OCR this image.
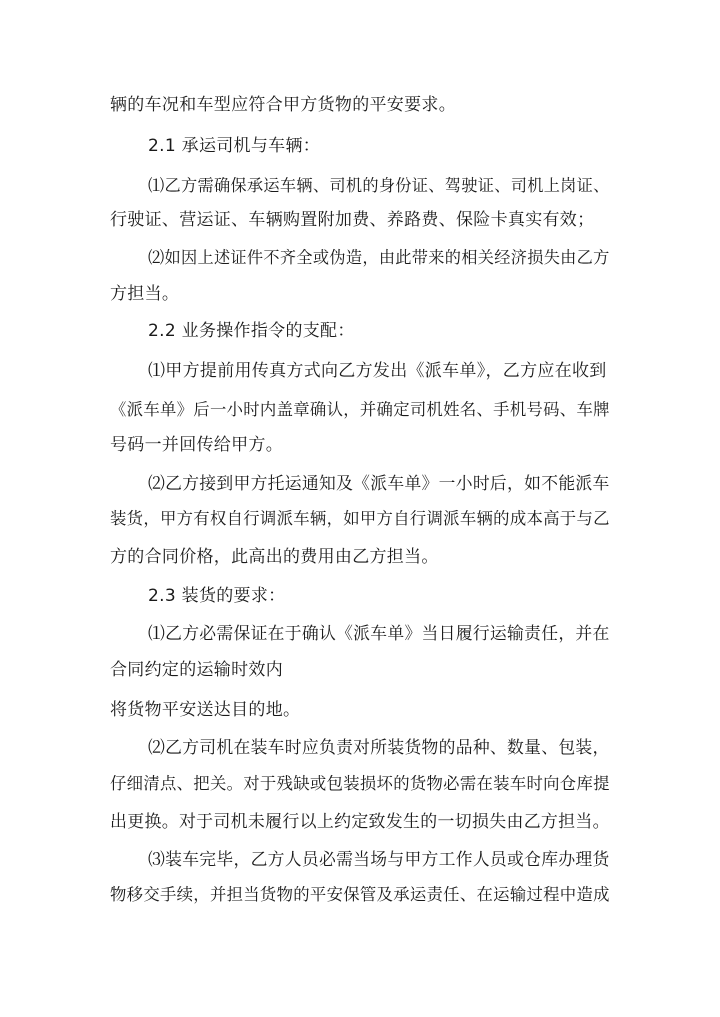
辆的车况和车型应符合甲方货物的平安要求。
2.1 承运司机与车辆：
⑴乙方需确保承运车辆、司机的身份证、驾驶证、司机上岗证、
行驶证、营运证、车辆购置附加费、养路费、保险卡真实有效；
⑵如因上述证件不齐全或伪造，由此带来的相关经济损失由乙方
方担当。
2.2 业务操作指令的支配：
⑴甲方提前用传真方式向乙方发出《派车单》，乙方应在收到
《派车单》后一小时内盖章确认，并确定司机姓名、手机号码、车牌
号码一并回传给甲方。
⑵乙方接到甲方托运通知及《派车单》一小时后，如不能派车
装货，甲方有权自行调派车辆，如甲方自行调派车辆的成本高于与乙
方的合同价格，此高出的费用由乙方担当。
2.3 装货的要求：
⑴乙方必需保证在于确认《派车单》当日履行运输责任，并在
合同约定的运输时效内
将货物平安送达目的地。
⑵乙方司机在装车时应负责对所装货物的品种、数量、包装，
仔细清点、把关。对于残缺或包装损坏的货物必需在装车时向仓库提
出更换。对于司机未履行以上约定致发生的一切损失由乙方担当。
⑶装车完毕，乙方人员必需当场与甲方工作人员或仓库办理货
物移交手续，并担当货物的平安保管及承运责任、在运输过程中造成
